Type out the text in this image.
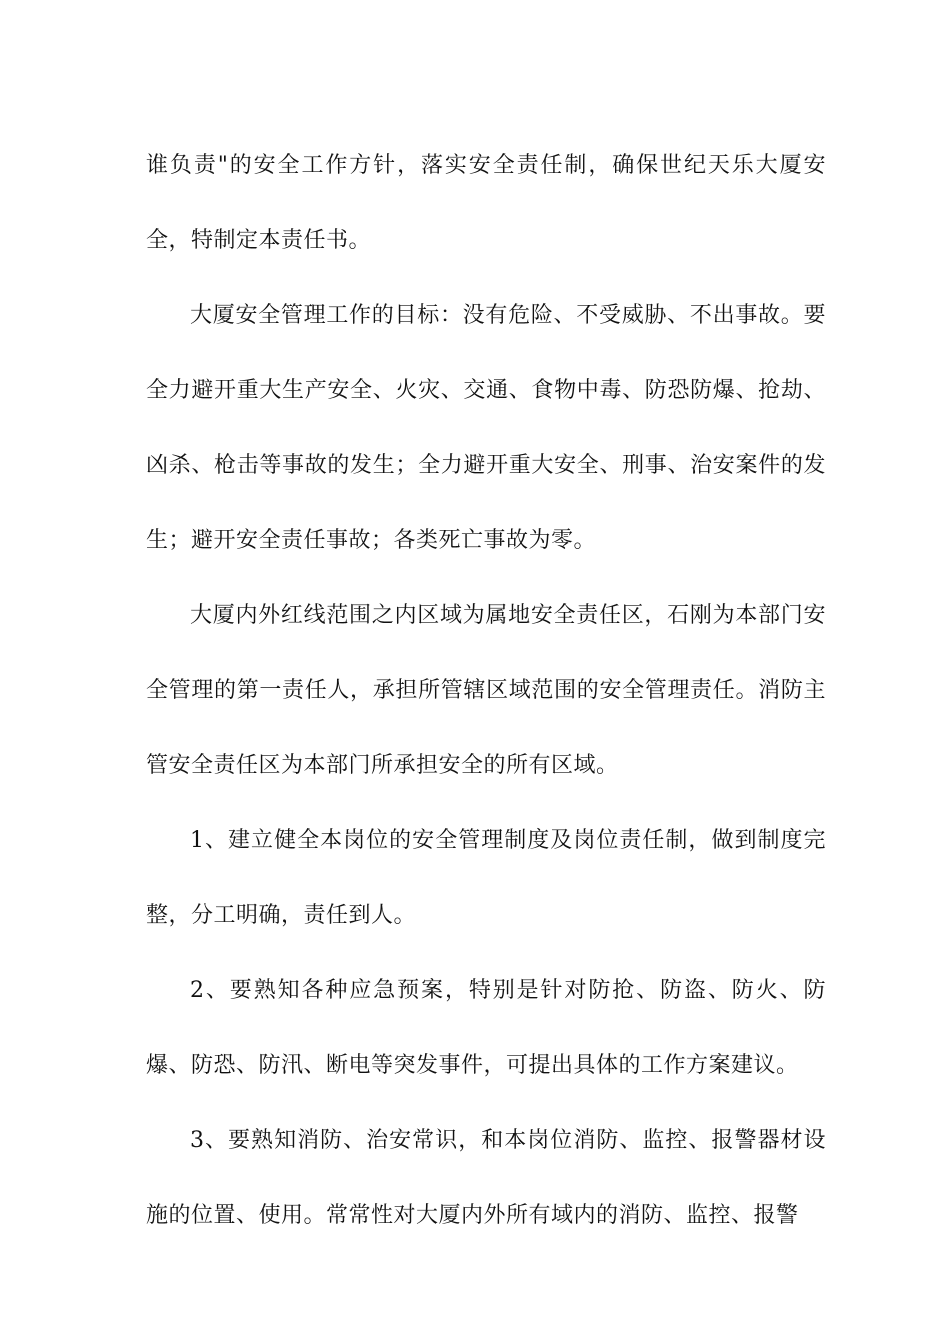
谁负责"的安全工作方针，落实安全责任制，确保世纪天乐大厦安全，特制定本责任书。

大厦安全管理工作的目标：没有危险、不受威胁、不出事故。要全力避开重大生产安全、火灾、交通、食物中毒、防恐防爆、抢劫、凶杀、枪击等事故的发生；全力避开重大安全、刑事、治安案件的发生；避开安全责任事故；各类死亡事故为零。

大厦内外红线范围之内区域为属地安全责任区，石刚为本部门安全管理的第一责任人，承担所管辖区域范围的安全管理责任。消防主管安全责任区为本部门所承担安全的所有区域。

1、建立健全本岗位的安全管理制度及岗位责任制，做到制度完整，分工明确，责任到人。

2、要熟知各种应急预案，特别是针对防抢、防盗、防火、防爆、防恐、防汛、断电等突发事件，可提出具体的工作方案建议。

3、要熟知消防、治安常识，和本岗位消防、监控、报警器材设施的位置、使用。常常性对大厦内外所有域内的消防、监控、报警
